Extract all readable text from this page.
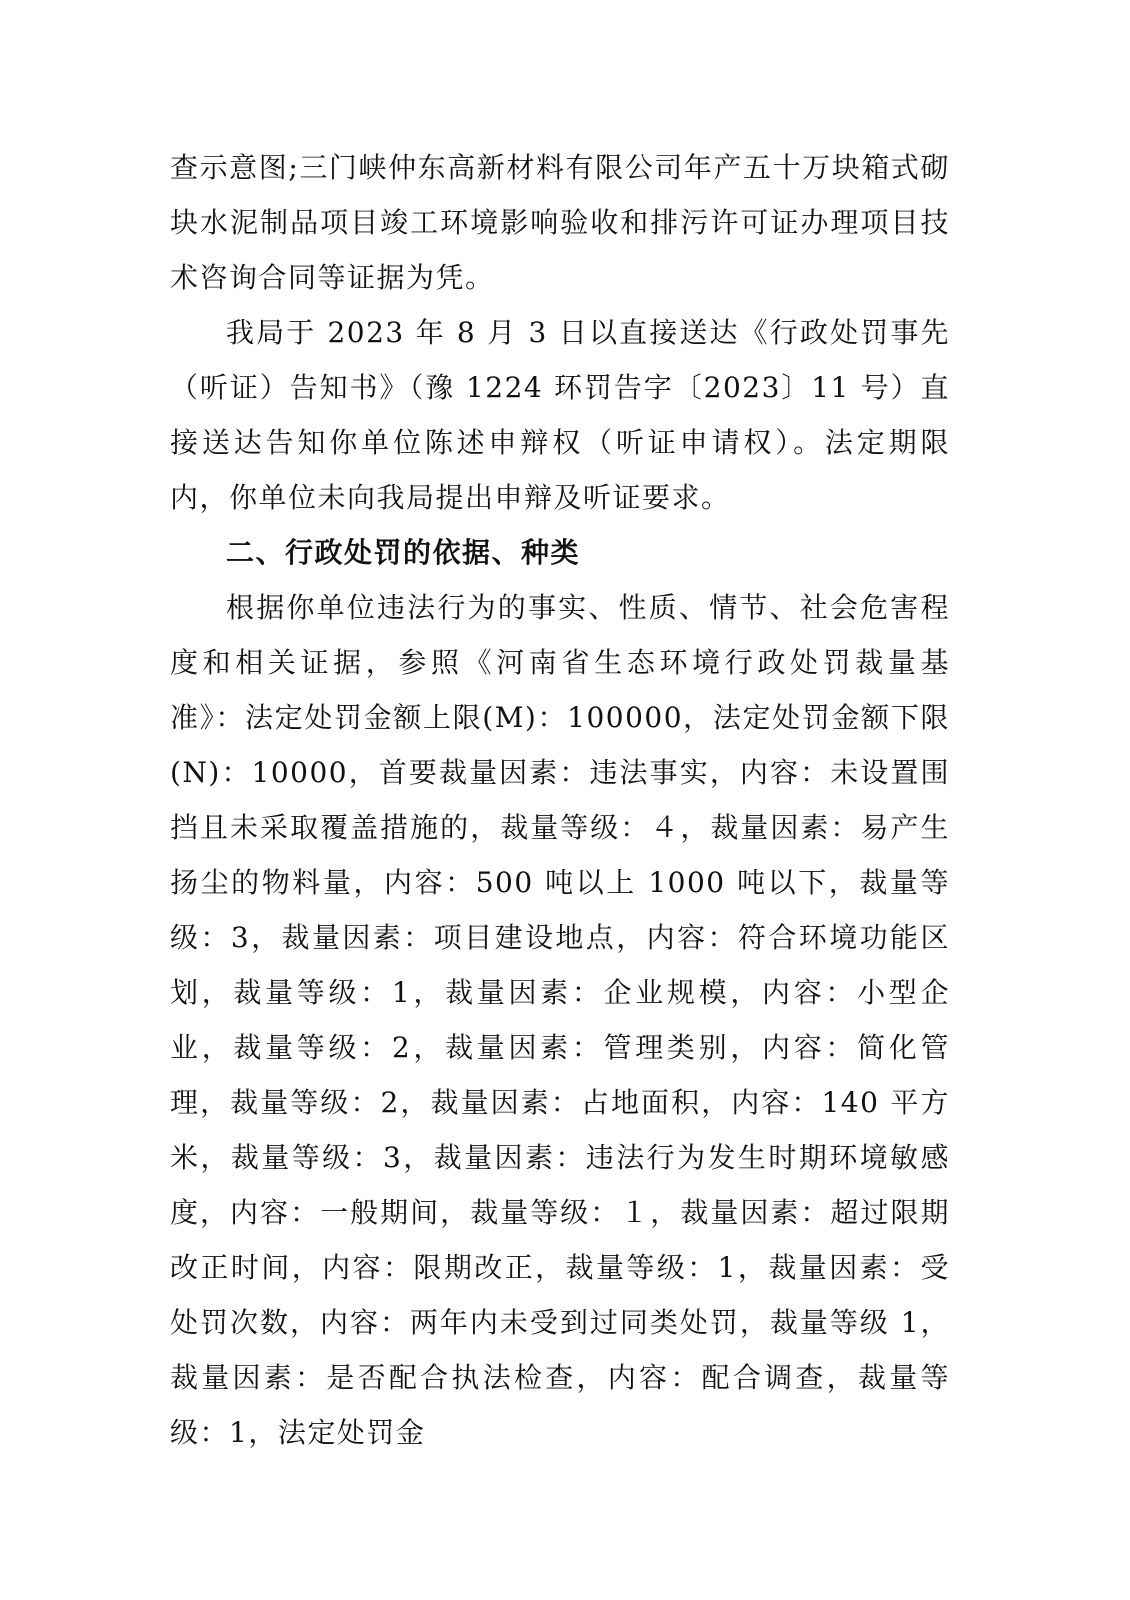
查示意图;三门峡仲东高新材料有限公司年产五十万块箱式砌块水泥制品项目竣工环境影响验收和排污许可证办理项目技术咨询合同等证据为凭。

我局于 2023 年 8 月 3 日以直接送达《行政处罚事先（听证）告知书》（豫 1224 环罚告字〔2023〕11 号）直接送达告知你单位陈述申辩权（听证申请权）。法定期限内，你单位未向我局提出申辩及听证要求。

二、行政处罚的依据、种类

根据你单位违法行为的事实、性质、情节、社会危害程度和相关证据，参照《河南省生态环境行政处罚裁量基准》：法定处罚金额上限(M)：100000，法定处罚金额下限(N)：10000，首要裁量因素：违法事实，内容：未设置围挡且未采取覆盖措施的，裁量等级：４，裁量因素：易产生扬尘的物料量，内容：500 吨以上 1000 吨以下，裁量等级：3，裁量因素：项目建设地点，内容：符合环境功能区划，裁量等级：1，裁量因素：企业规模，内容：小型企业，裁量等级：2，裁量因素：管理类别，内容：简化管理，裁量等级：2，裁量因素：占地面积，内容：140 平方米，裁量等级：3，裁量因素：违法行为发生时期环境敏感度，内容：一般期间，裁量等级：１，裁量因素：超过限期改正时间，内容：限期改正，裁量等级：1，裁量因素：受处罚次数，内容：两年内未受到过同类处罚，裁量等级 1，裁量因素：是否配合执法检查，内容：配合调查，裁量等级：1，法定处罚金
